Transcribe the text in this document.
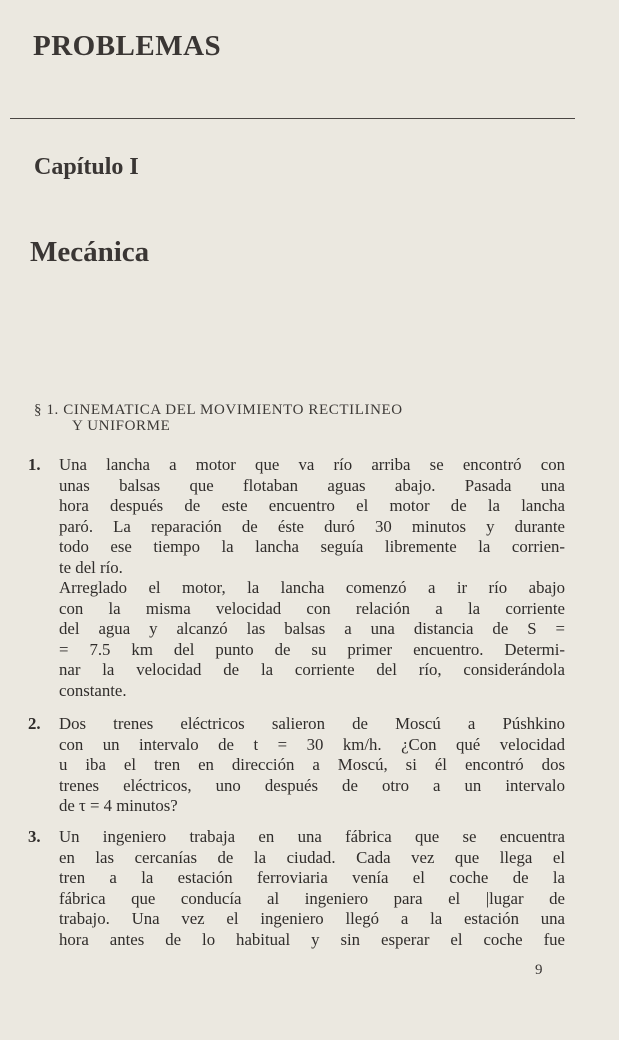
PROBLEMAS
Capítulo I
Mecánica
§ 1. CINEMATICA DEL MOVIMIENTO RECTILINEO
Y UNIFORME
1. Una lancha a motor que va río arriba se encontró con
unas balsas que flotaban aguas abajo. Pasada una
hora después de este encuentro el motor de la lancha
paró. La reparación de éste duró 30 minutos y durante
todo ese tiempo la lancha seguía libremente la corrien-
te del río.
Arreglado el motor, la lancha comenzó a ir río abajo
con la misma velocidad con relación a la corriente
del agua y alcanzó las balsas a una distancia de S =
= 7.5 km del punto de su primer encuentro. Determi-
nar la velocidad de la corriente del río, considerándola
constante.
2. Dos trenes eléctricos salieron de Moscú a Púshkino
con un intervalo de t = 30 km/h. ¿Con qué velocidad
u iba el tren en dirección a Moscú, si él encontró dos
trenes eléctricos, uno después de otro a un intervalo
de τ = 4 minutos?
3. Un ingeniero trabaja en una fábrica que se encuentra
en las cercanías de la ciudad. Cada vez que llega el
tren a la estación ferroviaria venía el coche de la
fábrica que conducía al ingeniero para el |lugar de
trabajo. Una vez el ingeniero llegó a la estación una
hora antes de lo habitual y sin esperar el coche fue
9
